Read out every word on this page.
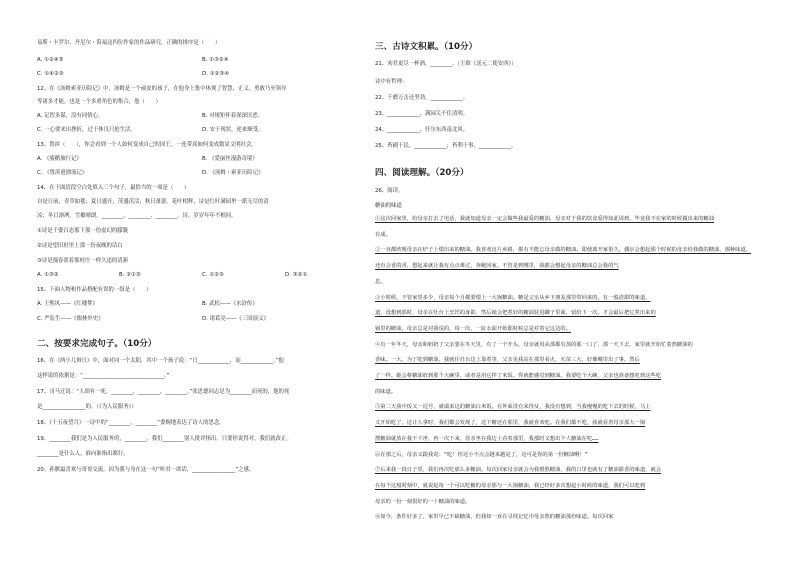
易斯・卡罗尔、丹尼尔・笛福这四位作家的作品研究，正确的排序是（　　）
A. ①②④③	B. ①③②④
C. ①④②③	D. ①②③④
12、在《汤姆索亚历险记》中，汤姆是一个顽皮的孩子，在他身上集中体现了智慧、正义、勇敢乃至领导
等诸多才能，也是一个多重角色的集合，他（　　）
A. 足智多谋，没有同情心。	B. 对规矩怀着深深厌恶。
C. 一心要来出挫折，过于休良只抢生活。	D. 安于现状，逆来顺受。
13、鲁滨（　　），你会看到一个人如何变成自己的国王，一连带高如何变成数显文明社会。
A. 《骑鹅旅行记》	B. 《爱丽丝漫游奇境》
C. 《鲁滨逊漂流记》	D. 《汤姆・索亚历险记》
14、在下面语段空白处填入三个句子，最恰当的一项是（　　）
自是日前，青草如毯；夏日盛开，茂盛茁活；秋日萧瑟，花叶相辉，诗是红叶满园里一派无尽的清
凉；冬日凛冽，雪覆晴朗。________，________，________。诗，岁岁年年不相同。
①诗是千姿百态那下那一份虚幻的朦胧
②诗是望田垣里上那一份夜晚的话白
③诗是漫春盈着那村庄一样久违的清新
A. ①③②	B. ②①③	C. ①②③	D. ③②①
15、下面人物和作品搭配有误的一组是（　　）
A. 王熙凤——《红楼梦》	B. 武松——《水浒传》
C. 严监生——《儒林外史》	D. 诸葛亮——《三国演义》
二、按要求完成句子。（10分）
16、在《两小儿辩日》中，面对同一个太阳，其中一个孩子说：“日____________，而____________。”他
这样说的依据是：“______________________________。”
17、司马迁说：“人固有一死，________，________，________。”张思德同志是为________而死的，他的死
是________________的。（《为人民服务》）
18、《十五夜望月》一诗中的“________，________”委婉地表达了诗人的思念。
19、________我们是为人民服务的，________，我们________别人批评指出。只要你说得对，我们就改正。
________是什么人，谁向谁指出都行。
20、孙膑最喜欢与哥哥交流，因为我与身在这一句“听君一席话，________________”之感。
三、古诗文积累。（10分）
21、劝君更尽一杯酒，________。（王维《送元二使安西》）
诗中有哲理：
22、千磨万击还坚劲，____________。
23、____________，满园关不住清明。
24、____________，任尔东西南北风。
25、苔刷于民，____________；苔利于事，____________。
四、阅读理解。（20分）
26、阅读。
糖油的味道
①这次回家里，给母亲打去了电话，我就知道母亲一定会做些我最爱的糖油，母亲对于我的饮食爱得如此周到，毕竟我不在家的时候做出来的糖油
有成。
②一直都欣嗄母亲在炉子上煨出来的糖油。我喜欢这片乡路，都有不能忘母亲做的糖油。即使离开家很久，偶尔会想起那个时候的母亲给我做的糖油，那种味道，
还有会香的香，想起来就让我有点点难过，奔跑回家。不管是到哪里，我都会想起母亲的糖油总会我的气
息。
③小时候，不管家里多少，母亲每个月都要煨上一大锅糖油。糖是父亲从乡下朋友那里带回来的，有一股清甜的味道。
道，没想到那时，母亲在灶台上烹饪的身影，然后她会把煮好的糖油装进罐子里面，留给下一次，才会最后把它煮出来的
锅里的糖油，母亲总是对我说的，每一次，一缸水面开始那时候总是对着它这边的。
④有一年冬天，母亲和奶奶了父亲要在冬天里，有了一个开头，母亲就用从那都有蒸的那一口了，那一天下去，家里就开始忙着熬糖油的
香味。一大，为了吃到糖油，我就往灶台边上靠着等，父亲见我站在那里看火，火苗三大，好像哪里出了事。然后
了一样。她会将糖油放到那个大碗里，或者是用它拌了米饭。你就能感觉到糖油。我要吃个大碗，父亲也准备想吃到这些吃
的味道。
⑤第二天我中饭又一逗号，就端来这的糖油白米饭。在外面没有来得及，我没有想到，当我慢慢的吃下去的时候，马上
又开始吃了，这让人拿时，我们都会发现了，这下糖还在那里，我就喜欢吃。在我们都不吃，我就看着母亲那大一锅
摆糖油就放在我下千净，再一次下来，母亲坐在我边上看着那里，我那时又想出个人糖油在吃……
⑥在那之后，母亲又跟我说：“吃！你这小不点会越来越是了，这可是你的第一份糖油啊！”
⑦后来我一段日子里，我们再次吃那么多糖油。每次回家母亲就会为我煨熬糖油，我的口里也就有了糖油甜香的味道，就会
在每个这般时刻中，就说起每一个可以吃糖的母亲那与一大锅糖油，我已经好多次想起小时候的味道，我们可以吃到
母亲的一份一刻很好的一十糖油的味道。
⑧如今，条件好多了，家里早已不缺糖油，但我却一直在寻找记忆中母亲熬的糖油那份味道。每次回家
